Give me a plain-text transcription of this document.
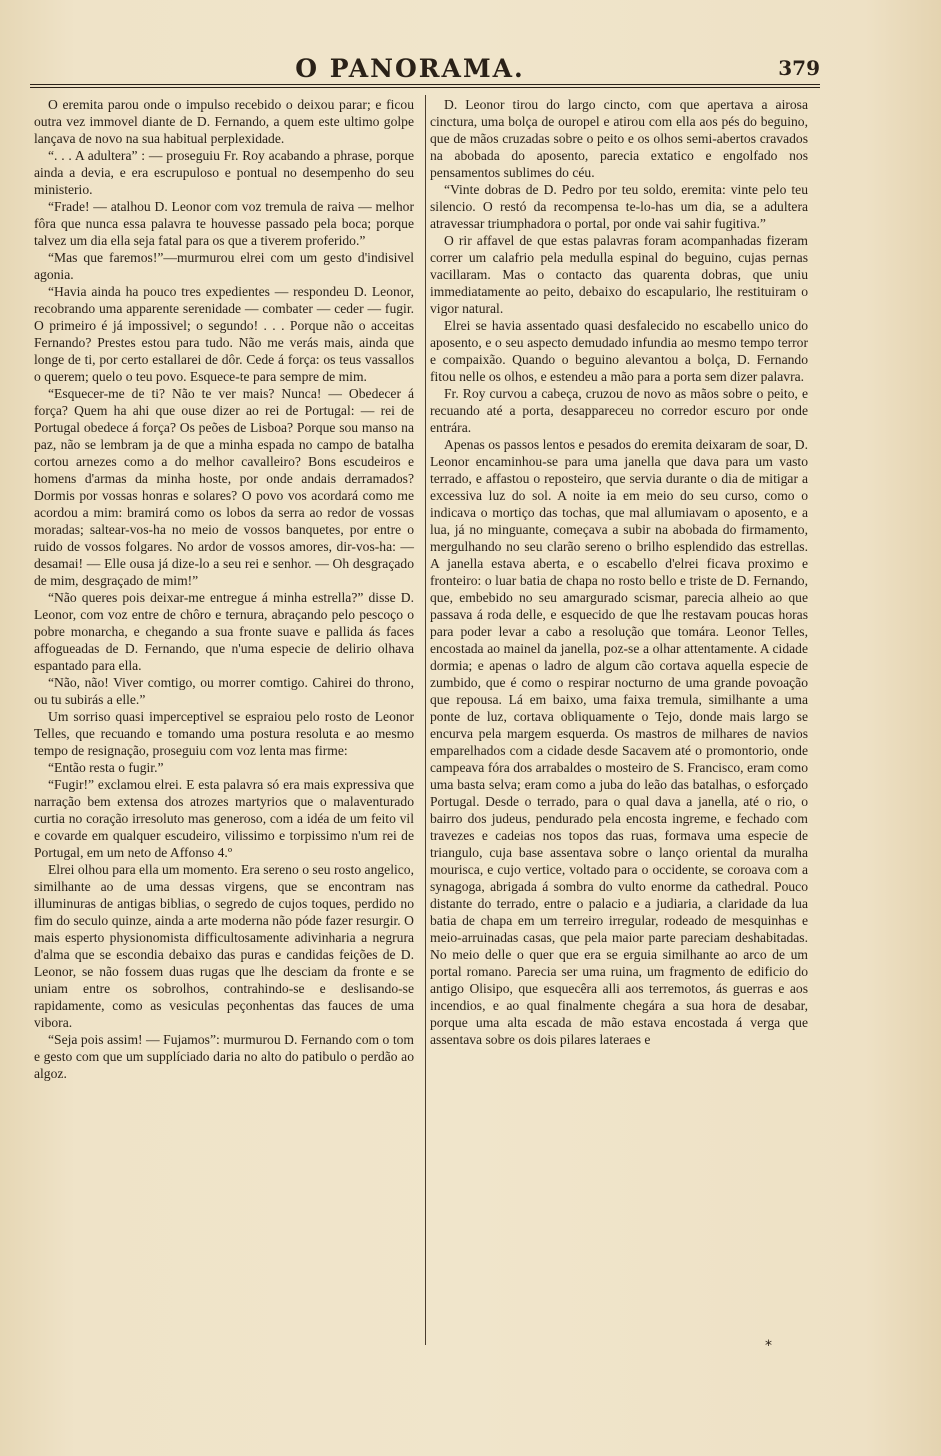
O PANORAMA.	379

O eremita parou onde o impulso recebido o deixou parar; e ficou outra vez immovel diante de D. Fernando, a quem este ultimo golpe lançava de novo na sua habitual perplexidade.

“. . . A adultera” : — proseguiu Fr. Roy acabando a phrase, porque ainda a devia, e era escrupuloso e pontual no desempenho do seu ministerio.

“Frade! — atalhou D. Leonor com voz tremula de raiva — melhor fôra que nunca essa palavra te houvesse passado pela boca; porque talvez um dia ella seja fatal para os que a tiverem proferido.”

“Mas que faremos!”—murmurou elrei com um gesto d'indisivel agonia.

“Havia ainda ha pouco tres expedientes — respondeu D. Leonor, recobrando uma apparente serenidade — combater — ceder — fugir. O primeiro é já impossivel; o segundo! . . . Porque não o acceitas Fernando? Prestes estou para tudo. Não me verás mais, ainda que longe de ti, por certo estallarei de dôr. Cede á força: os teus vassallos o querem; quelo o teu povo. Esquece-te para sempre de mim.

“Esquecer-me de ti? Não te ver mais? Nunca! — Obedecer á força? Quem ha ahi que ouse dizer ao rei de Portugal: — rei de Portugal obedece á força? Os peões de Lisboa? Porque sou manso na paz, não se lembram ja de que a minha espada no campo de batalha cortou arnezes como a do melhor cavalleiro? Bons escudeiros e homens d'armas da minha hoste, por onde andais derramados? Dormis por vossas honras e solares? O povo vos acordará como me acordou a mim: bramirá como os lobos da serra ao redor de vossas moradas; saltear-vos-ha no meio de vossos banquetes, por entre o ruido de vossos folgares. No ardor de vossos amores, dir-vos-ha: — desamai! — Elle ousa já dize-lo a seu rei e senhor. — Oh desgraçado de mim, desgraçado de mim!”

“Não queres pois deixar-me entregue á minha estrella?” disse D. Leonor, com voz entre de chôro e ternura, abraçando pelo pescoço o pobre monarcha, e chegando a sua fronte suave e pallida ás faces affogueadas de D. Fernando, que n'uma especie de delirio olhava espantado para ella.

“Não, não! Viver comtigo, ou morrer comtigo. Cahirei do throno, ou tu subirás a elle.”

Um sorriso quasi imperceptivel se espraiou pelo rosto de Leonor Telles, que recuando e tomando uma postura resoluta e ao mesmo tempo de resignação, proseguiu com voz lenta mas firme:

“Então resta o fugir.”

“Fugir!” exclamou elrei. E esta palavra só era mais expressiva que narração bem extensa dos atrozes martyrios que o malaventurado curtia no coração irresoluto mas generoso, com a idéa de um feito vil e covarde em qualquer escudeiro, vilissimo e torpissimo n'um rei de Portugal, em um neto de Affonso 4.º

Elrei olhou para ella um momento. Era sereno o seu rosto angelico, similhante ao de uma dessas virgens, que se encontram nas illuminuras de antigas biblias, o segredo de cujos toques, perdido no fim do seculo quinze, ainda a arte moderna não póde fazer resurgir. O mais esperto physionomista difficultosamente adivinharia a negrura d'alma que se escondia debaixo das puras e candidas feições de D. Leonor, se não fossem duas rugas que lhe desciam da fronte e se uniam entre os sobrolhos, contrahindo-se e deslisando-se rapidamente, como as vesiculas peçonhentas das fauces de uma vibora.

“Seja pois assim! — Fujamos”: murmurou D. Fernando com o tom e gesto com que um supplíciado daria no alto do patibulo o perdão ao algoz.

D. Leonor tirou do largo cincto, com que apertava a airosa cinctura, uma bolça de ouropel e atirou com ella aos pés do beguino, que de mãos cruzadas sobre o peito e os olhos semi-abertos cravados na abobada do aposento, parecia extatico e engolfado nos pensamentos sublimes do céu.

“Vinte dobras de D. Pedro por teu soldo, eremita: vinte pelo teu silencio. O restó da recompensa te-lo-has um dia, se a adultera atravessar triumphadora o portal, por onde vai sahir fugitiva.”

O rir affavel de que estas palavras foram acompanhadas fizeram correr um calafrio pela medulla espinal do beguino, cujas pernas vacillaram. Mas o contacto das quarenta dobras, que uniu immediatamente ao peito, debaixo do escapulario, lhe restituiram o vigor natural.

Elrei se havia assentado quasi desfalecido no escabello unico do aposento, e o seu aspecto demudado infundia ao mesmo tempo terror e compaixão. Quando o beguino alevantou a bolça, D. Fernando fitou nelle os olhos, e estendeu a mão para a porta sem dizer palavra.

Fr. Roy curvou a cabeça, cruzou de novo as mãos sobre o peito, e recuando até a porta, desappareceu no corredor escuro por onde entrára.

Apenas os passos lentos e pesados do eremita deixaram de soar, D. Leonor encaminhou-se para uma janella que dava para um vasto terrado, e affastou o reposteiro, que servia durante o dia de mitigar a excessiva luz do sol. A noite ia em meio do seu curso, como o indicava o mortiço das tochas, que mal allumiavam o aposento, e a lua, já no minguante, começava a subir na abobada do firmamento, mergulhando no seu clarão sereno o brilho esplendido das estrellas. A janella estava aberta, e o escabello d'elrei ficava proximo e fronteiro: o luar batia de chapa no rosto bello e triste de D. Fernando, que, embebido no seu amargurado scismar, parecia alheio ao que passava á roda delle, e esquecido de que lhe restavam poucas horas para poder levar a cabo a resolução que tomára. Leonor Telles, encostada ao mainel da janella, poz-se a olhar attentamente. A cidade dormia; e apenas o ladro de algum cão cortava aquella especie de zumbido, que é como o respirar nocturno de uma grande povoação que repousa. Lá em baixo, uma faixa tremula, similhante a uma ponte de luz, cortava obliquamente o Tejo, donde mais largo se encurva pela margem esquerda. Os mastros de milhares de navios emparelhados com a cidade desde Sacavem até o promontorio, onde campeava fóra dos arrabaldes o mosteiro de S. Francisco, eram como uma basta selva; eram como a juba do leão das batalhas, o esforçado Portugal. Desde o terrado, para o qual dava a janella, até o rio, o bairro dos judeus, pendurado pela encosta ingreme, e fechado com travezes e cadeias nos topos das ruas, formava uma especie de triangulo, cuja base assentava sobre o lanço oriental da muralha mourisca, e cujo vertice, voltado para o occidente, se coroava com a synagoga, abrigada á sombra do vulto enorme da cathedral. Pouco distante do terrado, entre o palacio e a judiaria, a claridade da lua batia de chapa em um terreiro irregular, rodeado de mesquinhas e meio-arruinadas casas, que pela maior parte pareciam deshabitadas. No meio delle o quer que era se erguia similhante ao arco de um portal romano. Parecia ser uma ruina, um fragmento de edificio do antigo Olisipo, que esquecêra alli aos terremotos, ás guerras e aos incendios, e ao qual finalmente chegára a sua hora de desabar, porque uma alta escada de mão estava encostada á verga que assentava sobre os dois pilares lateraes e

*
